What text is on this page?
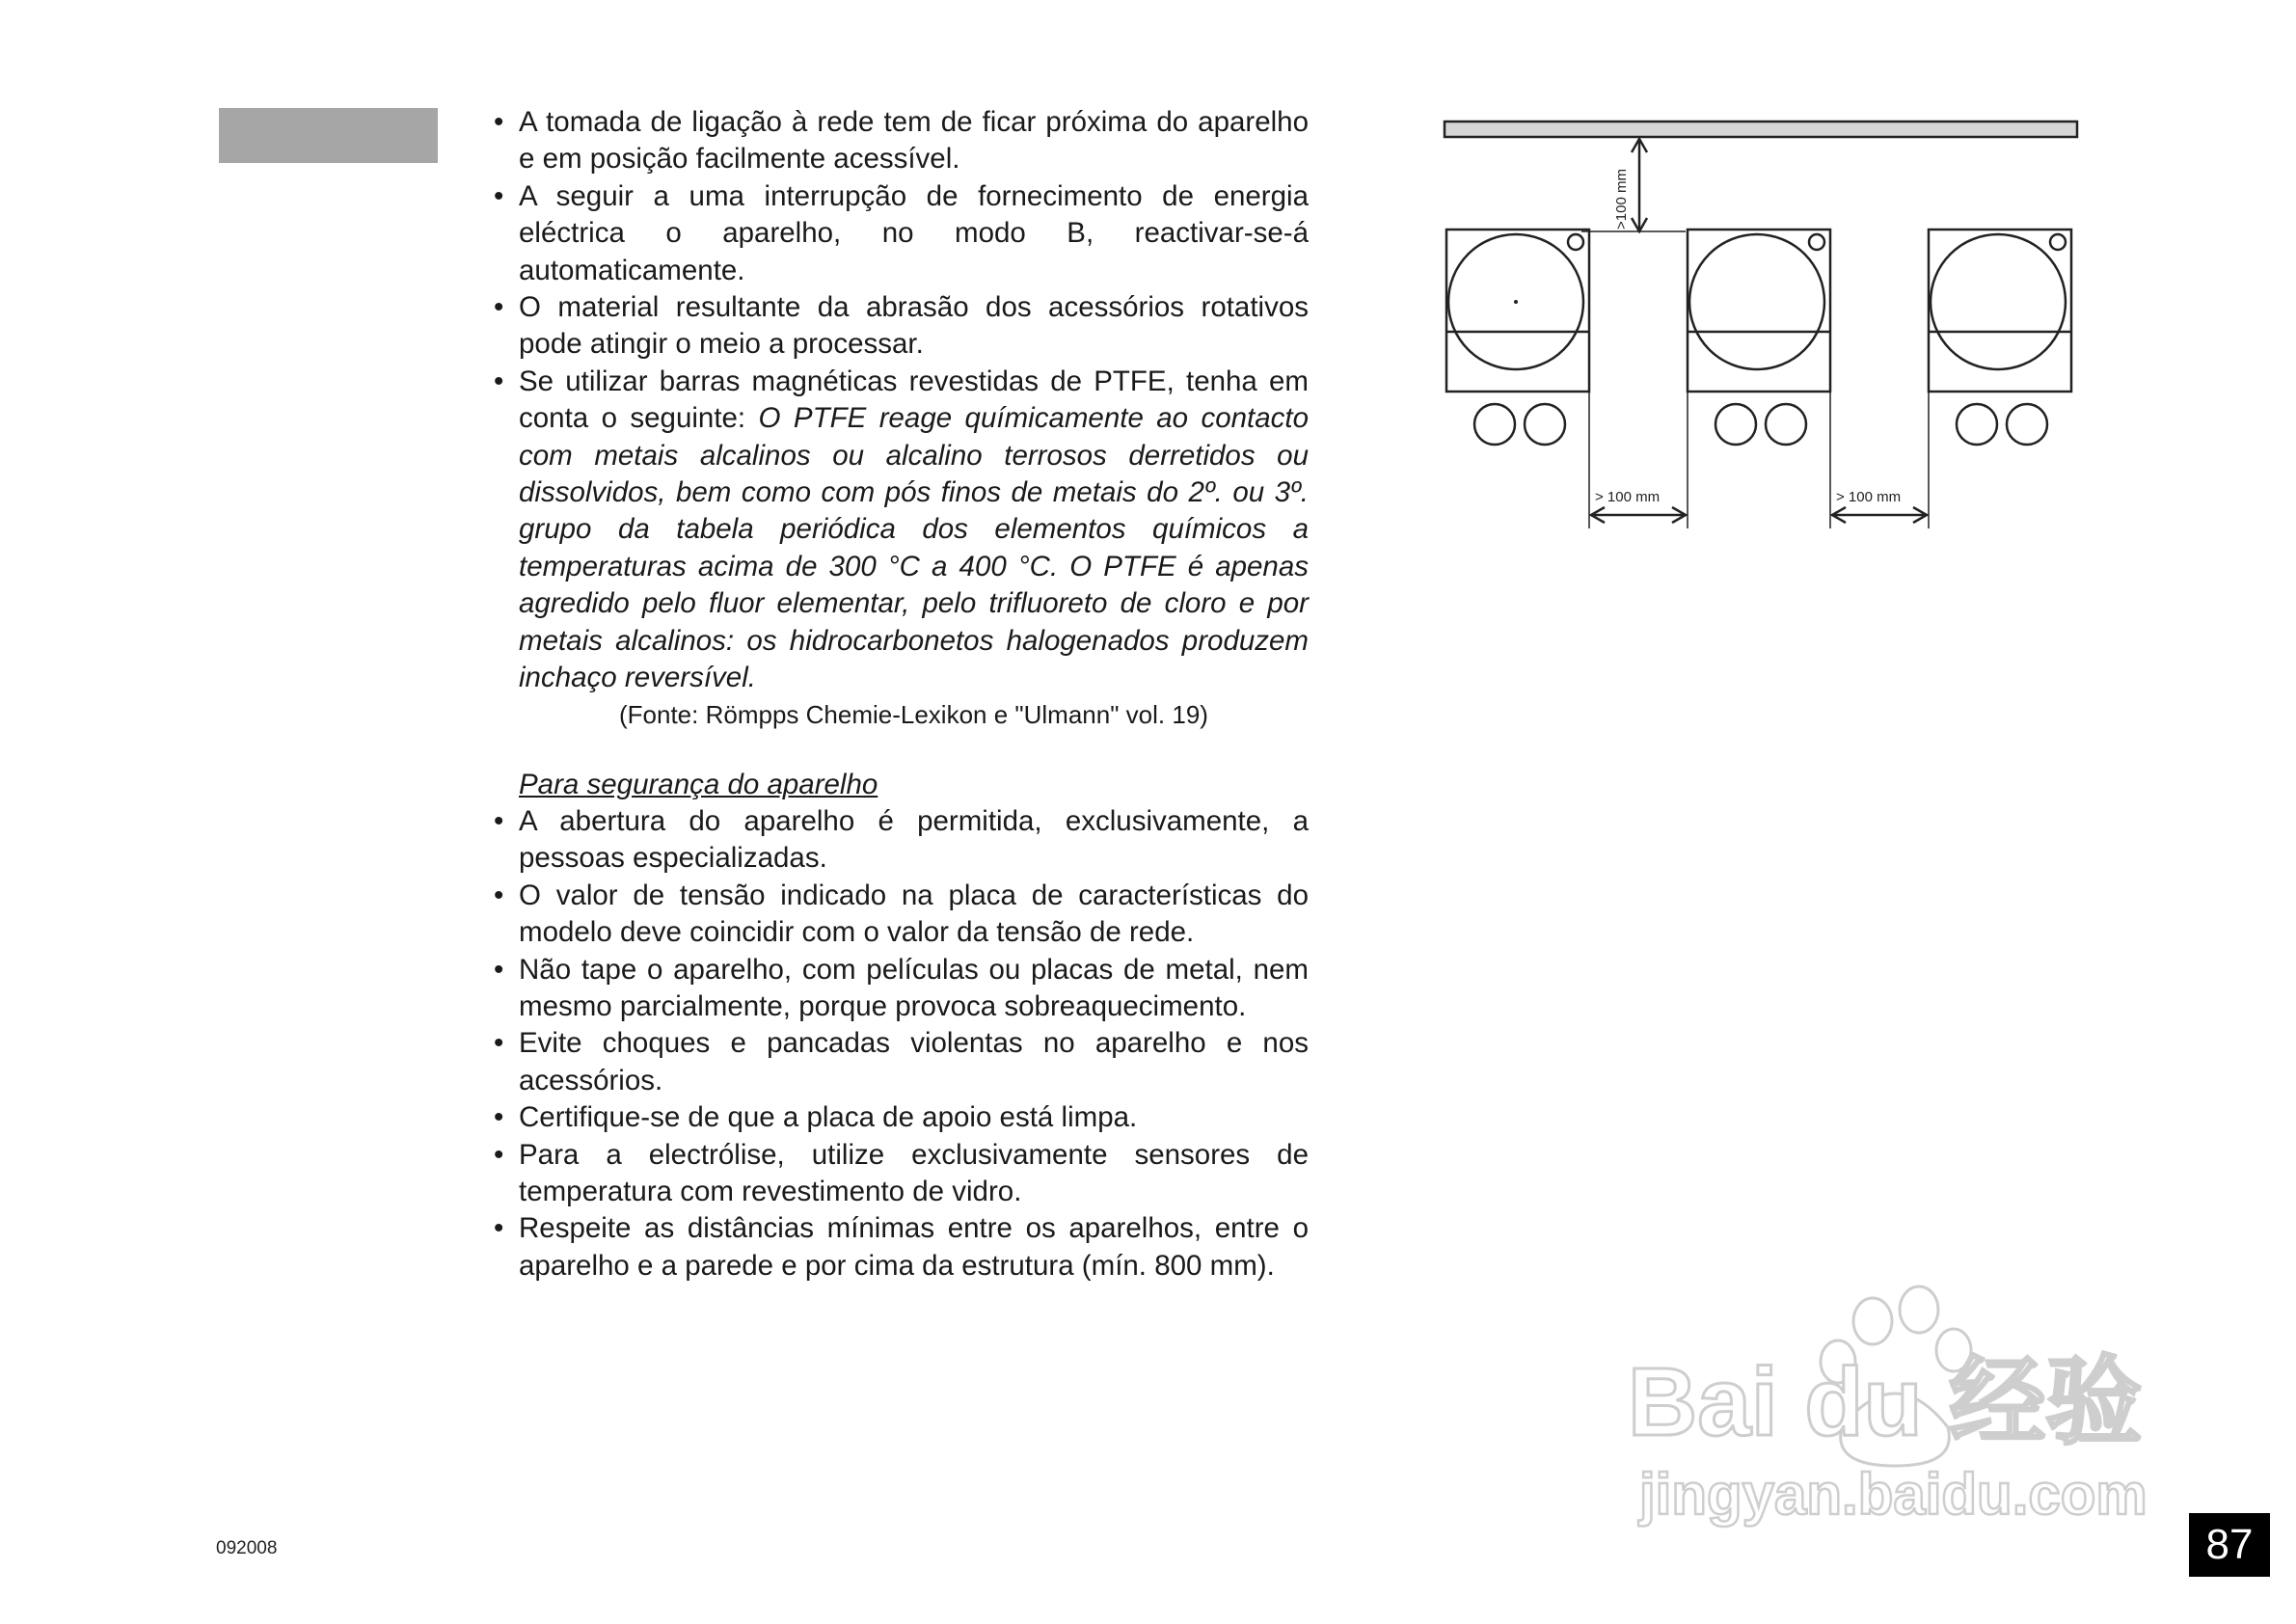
• A tomada de ligação à rede tem de ficar próxima do aparelho e em posição facilmente acessível.
• A seguir a uma interrupção de fornecimento de energia eléctrica o aparelho, no modo B, reactivar-se-á automaticamente.
• O material resultante da abrasão dos acessórios rotativos pode atingir o meio a processar.
• Se utilizar barras magnéticas revestidas de PTFE, tenha em conta o seguinte: O PTFE reage químicamente ao contacto com metais alcalinos ou alcalino terrosos derretidos ou dissolvidos, bem como com pós finos de metais do 2º. ou 3º. grupo da tabela periódica dos elementos químicos a temperaturas acima de 300 °C a 400 °C. O PTFE é apenas agredido pelo fluor elementar, pelo trifluoreto de cloro e por metais alcalinos: os hidrocarbonetos halogenados produzem inchaço reversível.
(Fonte: Römpps Chemie-Lexikon e "Ulmann" vol. 19)
Para segurança do aparelho
• A abertura do aparelho é permitida, exclusivamente, a pessoas especializadas.
• O valor de tensão indicado na placa de características do modelo deve coincidir com o valor da tensão de rede.
• Não tape o aparelho, com películas ou placas de metal, nem mesmo parcialmente, porque provoca sobreaquecimento.
• Evite choques e pancadas violentas no aparelho e nos acessórios.
• Certifique-se de que a placa de apoio está limpa.
• Para a electrólise, utilize exclusivamente sensores de temperatura com revestimento de vidro.
• Respeite as distâncias mínimas entre os aparelhos, entre o aparelho e a parede e por cima da estrutura (mín. 800 mm).
>100 mm
> 100 mm	> 100 mm
Bai du 经验
jingyan.baidu.com
092008	87
